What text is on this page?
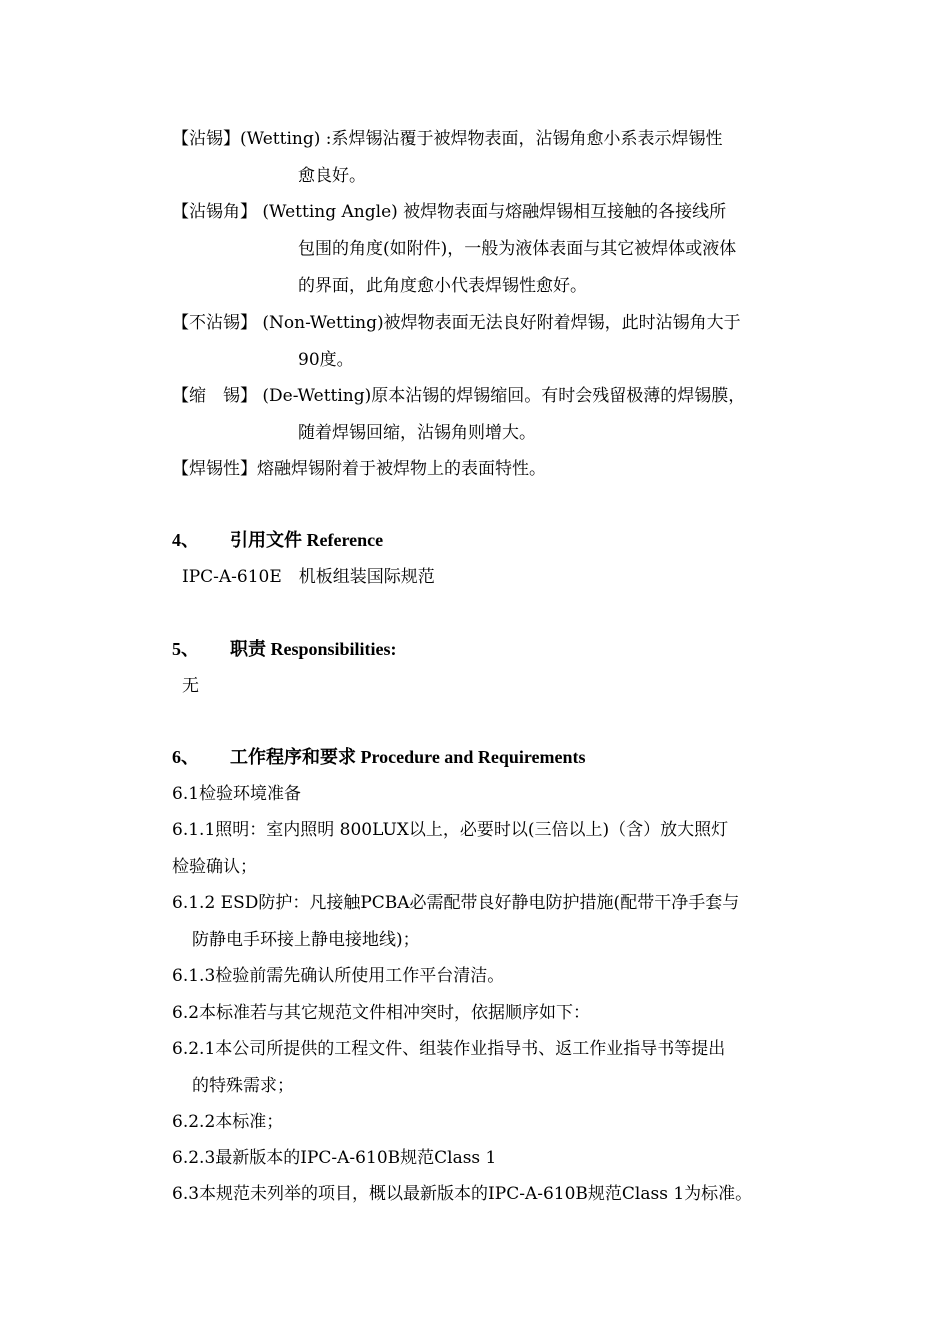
【沾锡】(Wetting) :系焊锡沾覆于被焊物表面，沾锡角愈小系表示焊锡性
愈良好。
【沾锡角】 (Wetting Angle) 被焊物表面与熔融焊锡相互接触的各接线所
包围的角度(如附件)，一般为液体表面与其它被焊体或液体
的界面，此角度愈小代表焊锡性愈好。
【不沾锡】 (Non-Wetting)被焊物表面无法良好附着焊锡，此时沾锡角大于
90度。
【缩　锡】 (De-Wetting)原本沾锡的焊锡缩回。有时会残留极薄的焊锡膜，
随着焊锡回缩，沾锡角则增大。
【焊锡性】熔融焊锡附着于被焊物上的表面特性。
4、 引用文件 Reference
IPC-A-610E　机板组装国际规范
5、 职责 Responsibilities:
无
6、 工作程序和要求 Procedure and Requirements
6.1检验环境准备
6.1.1照明：室内照明 800LUX以上，必要时以(三倍以上)（含）放大照灯
检验确认；
6.1.2 ESD防护：凡接触PCBA必需配带良好静电防护措施(配带干净手套与
防静电手环接上静电接地线)；
6.1.3检验前需先确认所使用工作平台清洁。
6.2本标准若与其它规范文件相冲突时，依据顺序如下：
6.2.1本公司所提供的工程文件、组装作业指导书、返工作业指导书等提出
的特殊需求；
6.2.2本标准；
6.2.3最新版本的IPC-A-610B规范Class 1
6.3本规范未列举的项目，概以最新版本的IPC-A-610B规范Class 1为标准。
